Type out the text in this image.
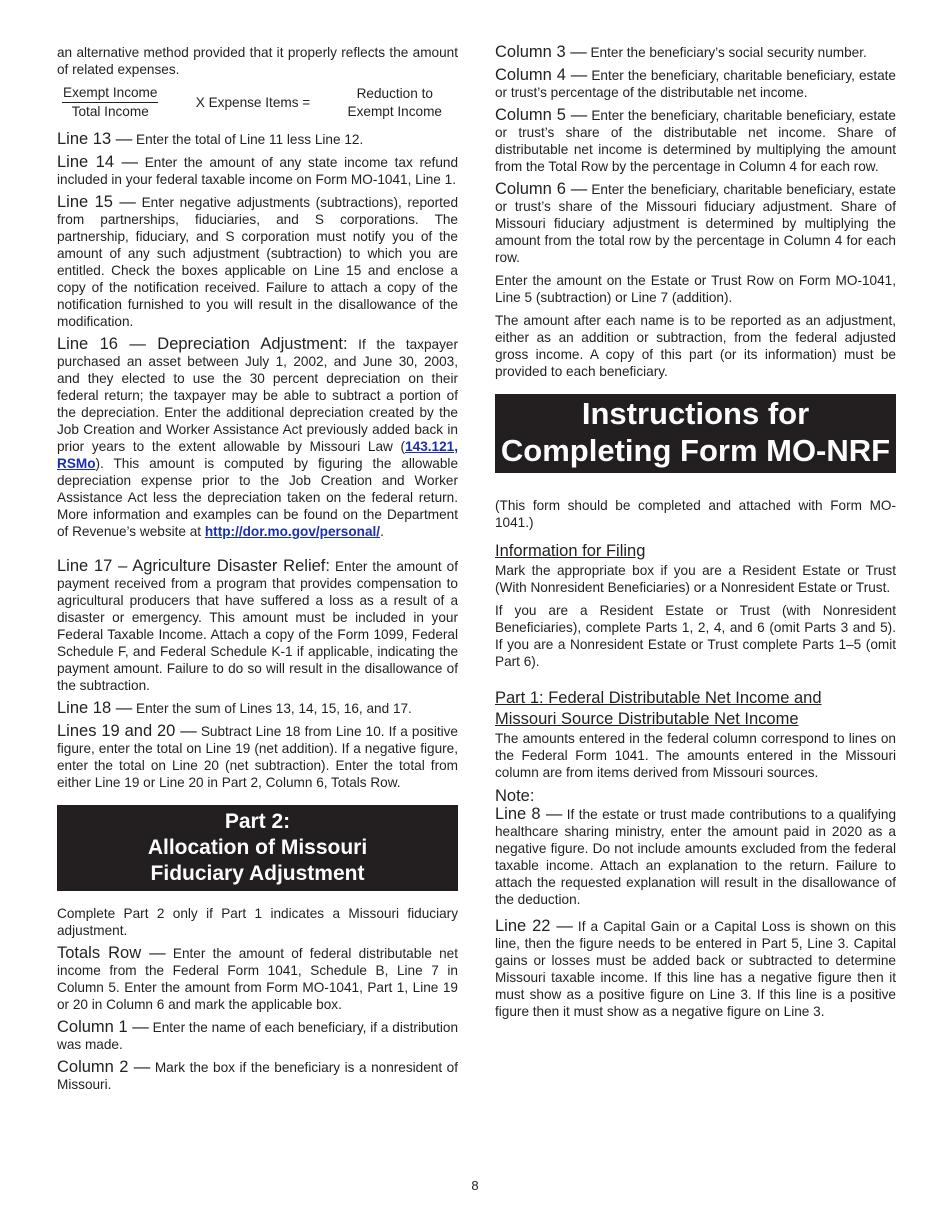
an alternative method provided that it properly reflects the amount of related expenses.

$\frac{\text{Exempt Income}}{\text{Total Income}}$	X Expense Items =
Reduction to
Exempt Income

Line 13 — Enter the total of Line 11 less Line 12.

Line 14 — Enter the amount of any state income tax refund included in your federal taxable income on Form MO-1041, Line 1.

Line 15 — Enter negative adjustments (subtractions), reported from partnerships, fiduciaries, and S corporations. The partnership, fiduciary, and S corporation must notify you of the amount of any such adjustment (subtraction) to which you are entitled. Check the boxes applicable on Line 15 and enclose a copy of the notification received. Failure to attach a copy of the notification furnished to you will result in the disallowance of the modification.

Line 16 — Depreciation Adjustment: If the taxpayer purchased an asset between July 1, 2002, and June 30, 2003, and they elected to use the 30 percent depreciation on their federal return; the taxpayer may be able to subtract a portion of the depreciation. Enter the additional depreciation created by the Job Creation and Worker Assistance Act previously added back in prior years to the extent allowable by Missouri Law (143.121, RSMo). This amount is computed by figuring the allowable depreciation expense prior to the Job Creation and Worker Assistance Act less the depreciation taken on the federal return. More information and examples can be found on the Department of Revenue’s website at http://dor.mo.gov/personal/.

Line 17 – Agriculture Disaster Relief: Enter the amount of payment received from a program that provides compensation to agricultural producers that have suffered a loss as a result of a disaster or emergency. This amount must be included in your Federal Taxable Income. Attach a copy of the Form 1099, Federal Schedule F, and Federal Schedule K-1 if applicable, indicating the payment amount. Failure to do so will result in the disallowance of the subtraction.

Line 18 — Enter the sum of Lines 13, 14, 15, 16, and 17.

Lines 19 and 20 — Subtract Line 18 from Line 10. If a positive figure, enter the total on Line 19 (net addition). If a negative figure, enter the total on Line 20 (net subtraction). Enter the total from either Line 19 or Line 20 in Part 2, Column 6, Totals Row.

Part 2:
Allocation of Missouri
Fiduciary Adjustment

Complete Part 2 only if Part 1 indicates a Missouri fiduciary adjustment.

Totals Row — Enter the amount of federal distributable net income from the Federal Form 1041, Schedule B, Line 7 in Column 5. Enter the amount from Form MO-1041, Part 1, Line 19 or 20 in Column 6 and mark the applicable box.

Column 1 — Enter the name of each beneficiary, if a distribution was made.

Column 2 — Mark the box if the beneficiary is a nonresident of Missouri.

Column 3 — Enter the beneficiary’s social security number.

Column 4 — Enter the beneficiary, charitable beneficiary, estate or trust’s percentage of the distributable net income.

Column 5 — Enter the beneficiary, charitable beneficiary, estate or trust’s share of the distributable net income. Share of distributable net income is determined by multiplying the amount from the Total Row by the percentage in Column 4 for each row.

Column 6 — Enter the beneficiary, charitable beneficiary, estate or trust’s share of the Missouri fiduciary adjustment. Share of Missouri fiduciary adjustment is determined by multiplying the amount from the total row by the percentage in Column 4 for each row.

Enter the amount on the Estate or Trust Row on Form MO-1041, Line 5 (subtraction) or Line 7 (addition).

The amount after each name is to be reported as an adjustment, either as an addition or subtraction, from the federal adjusted gross income. A copy of this part (or its information) must be provided to each beneficiary.

Instructions for
Completing Form MO-NRF

(This form should be completed and attached with Form MO-1041.)

Information for Filing

Mark the appropriate box if you are a Resident Estate or Trust (With Nonresident Beneficiaries) or a Nonresident Estate or Trust.

If you are a Resident Estate or Trust (with Nonresident Beneficiaries), complete Parts 1, 2, 4, and 6 (omit Parts 3 and 5). If you are a Nonresident Estate or Trust complete Parts 1–5 (omit Part 6).

Part 1: Federal Distributable Net Income and
Missouri Source Distributable Net Income

The amounts entered in the federal column correspond to lines on the Federal Form 1041. The amounts entered in the Missouri column are from items derived from Missouri sources.

Note:

Line 8 — If the estate or trust made contributions to a qualifying healthcare sharing ministry, enter the amount paid in 2020 as a negative figure. Do not include amounts excluded from the federal taxable income. Attach an explanation to the return. Failure to attach the requested explanation will result in the disallowance of the deduction.

Line 22 — If a Capital Gain or a Capital Loss is shown on this line, then the figure needs to be entered in Part 5, Line 3. Capital gains or losses must be added back or subtracted to determine Missouri taxable income. If this line has a negative figure then it must show as a positive figure on Line 3. If this line is a positive figure then it must show as a negative figure on Line 3.

8
